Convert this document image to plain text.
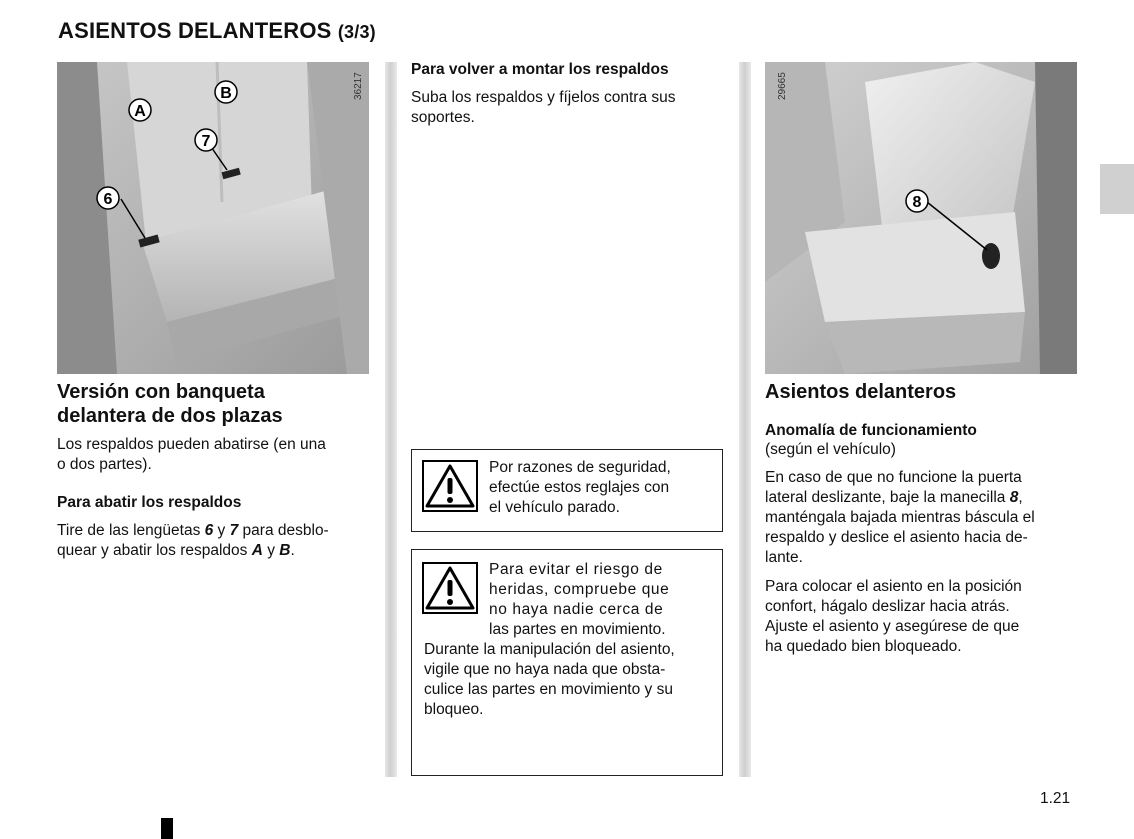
ASIENTOS DELANTEROS (3/3)
36217
A
B
7
6
Versión con banqueta
delantera de dos plazas
Los respaldos pueden abatirse (en una
o dos partes).
Para abatir los respaldos
Tire de las lengüetas 6 y 7 para desblo-
quear y abatir los respaldos A y B.
Para volver a montar los respaldos
Suba los respaldos y fíjelos contra sus
soportes.
Por razones de seguridad,
efectúe estos reglajes con
el vehículo parado.
Para evitar el riesgo de
heridas, compruebe que
no haya nadie cerca de
las partes en movimiento.
Durante la manipulación del asiento,
vigile que no haya nada que obsta-
culice las partes en movimiento y su
bloqueo.
29665
8
Asientos delanteros
Anomalía de funcionamiento
(según el vehículo)
En caso de que no funcione la puerta
lateral deslizante, baje la manecilla 8,
manténgala bajada mientras báscula el
respaldo y deslice el asiento hacia de-
lante.
Para colocar el asiento en la posición
confort, hágalo deslizar hacia atrás.
Ajuste el asiento y asegúrese de que
ha quedado bien bloqueado.
1.21
